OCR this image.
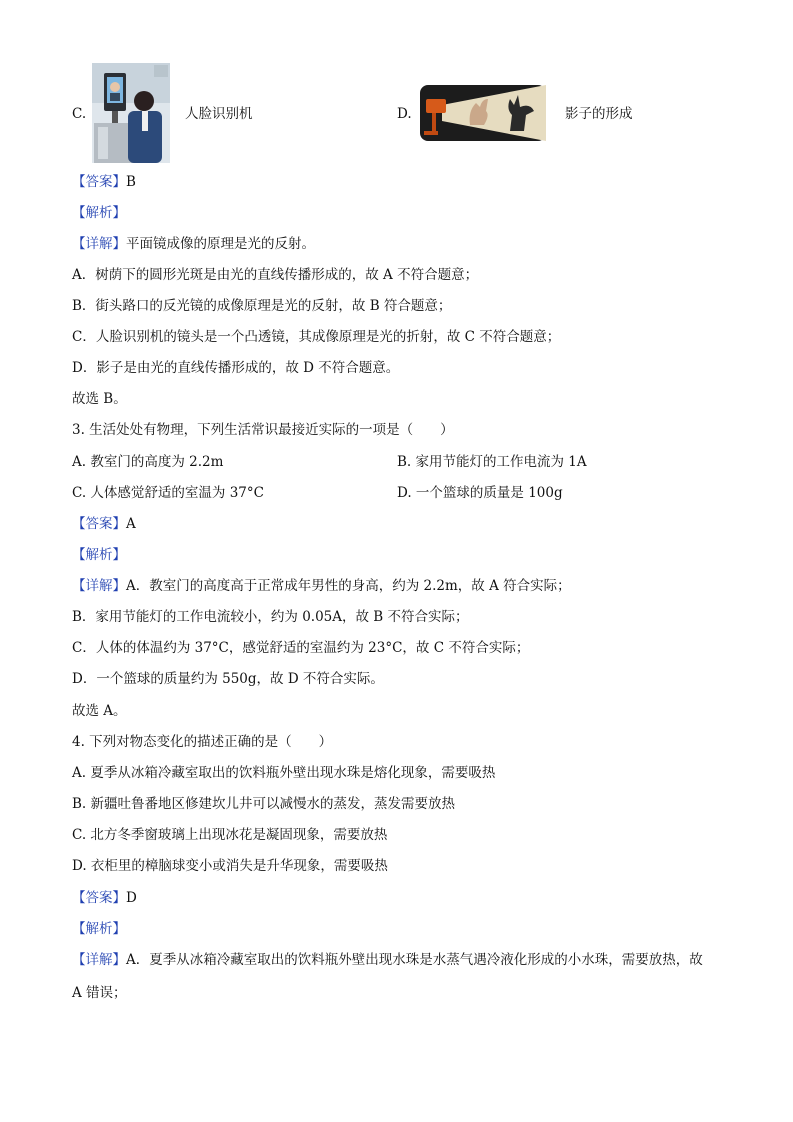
C.	人脸识别机	D.	影子的形成
【答案】B
【解析】
【详解】平面镜成像的原理是光的反射。
A．树荫下的圆形光斑是由光的直线传播形成的，故 A 不符合题意；
B．街头路口的反光镜的成像原理是光的反射，故 B 符合题意；
C．人脸识别机的镜头是一个凸透镜，其成像原理是光的折射，故 C 不符合题意；
D．影子是由光的直线传播形成的，故 D 不符合题意。
故选 B。
3. 生活处处有物理，下列生活常识最接近实际的一项是（　　）
A. 教室门的高度为 2.2m	B. 家用节能灯的工作电流为 1A
C. 人体感觉舒适的室温为 37°C	D. 一个篮球的质量是 100g
【答案】A
【解析】
【详解】A．教室门的高度高于正常成年男性的身高，约为 2.2m，故 A 符合实际；
B．家用节能灯的工作电流较小，约为 0.05A，故 B 不符合实际；
C．人体的体温约为 37°C，感觉舒适的室温约为 23°C，故 C 不符合实际；
D．一个篮球的质量约为 550g，故 D 不符合实际。
故选 A。
4. 下列对物态变化的描述正确的是（　　）
A. 夏季从冰箱冷藏室取出的饮料瓶外壁出现水珠是熔化现象，需要吸热
B. 新疆吐鲁番地区修建坎儿井可以减慢水的蒸发，蒸发需要放热
C. 北方冬季窗玻璃上出现冰花是凝固现象，需要放热
D. 衣柜里的樟脑球变小或消失是升华现象，需要吸热
【答案】D
【解析】
【详解】A．夏季从冰箱冷藏室取出的饮料瓶外壁出现水珠是水蒸气遇冷液化形成的小水珠，需要放热，故
A 错误；
